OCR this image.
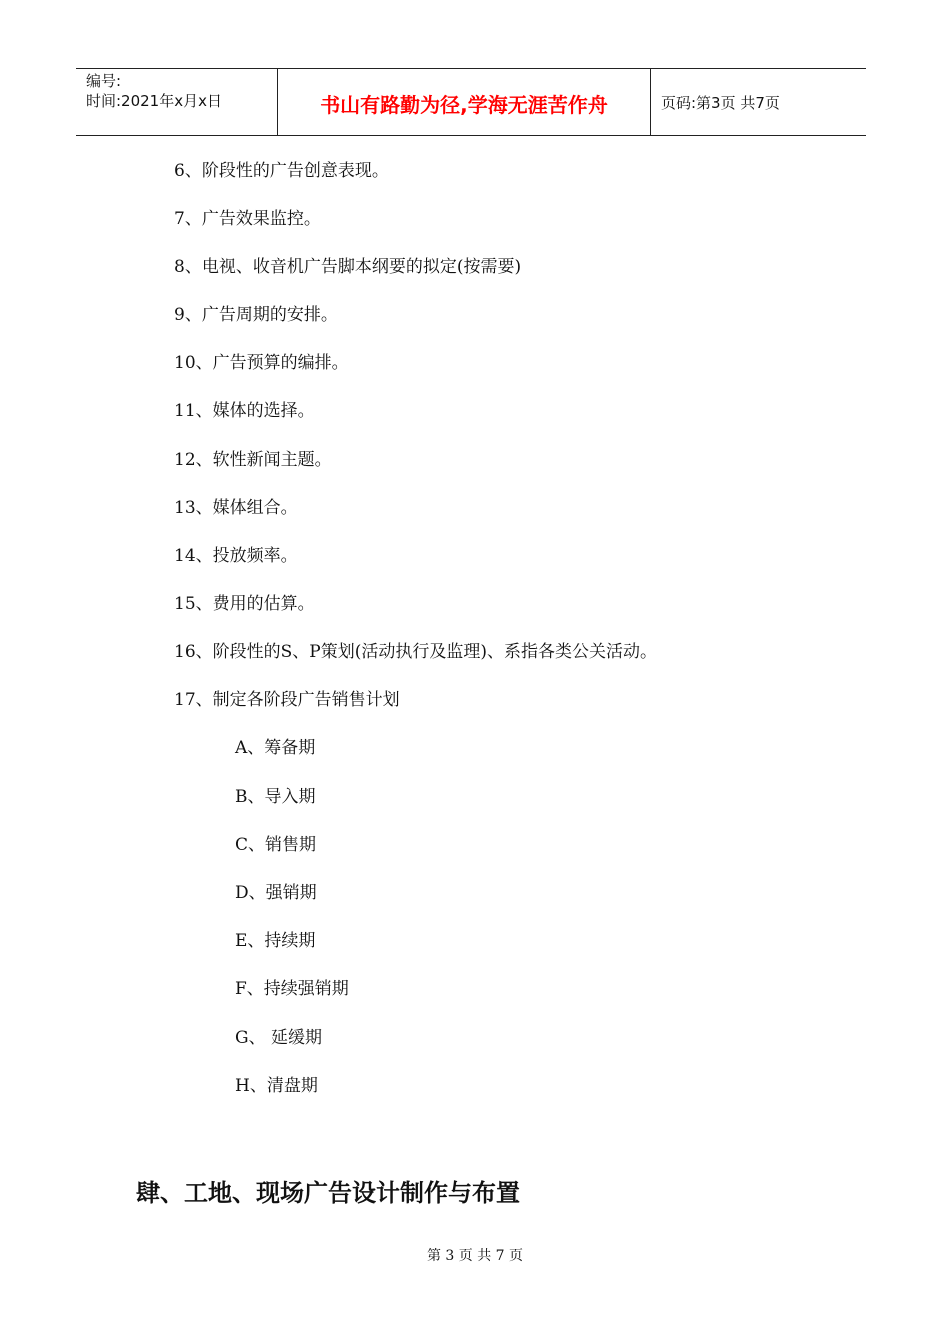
编号:
时间:2021年x月x日	书山有路勤为径,学海无涯苦作舟	页码:第3页 共7页
6、阶段性的广告创意表现。
7、广告效果监控。
8、电视、收音机广告脚本纲要的拟定(按需要)
9、广告周期的安排。
10、广告预算的编排。
11、媒体的选择。
12、软性新闻主题。
13、媒体组合。
14、投放频率。
15、费用的估算。
16、阶段性的S、P策划(活动执行及监理)、系指各类公关活动。
17、制定各阶段广告销售计划
A、筹备期
B、导入期
C、销售期
D、强销期
E、持续期
F、持续强销期
G、 延缓期
H、清盘期
肆、工地、现场广告设计制作与布置
第 3 页 共 7 页
